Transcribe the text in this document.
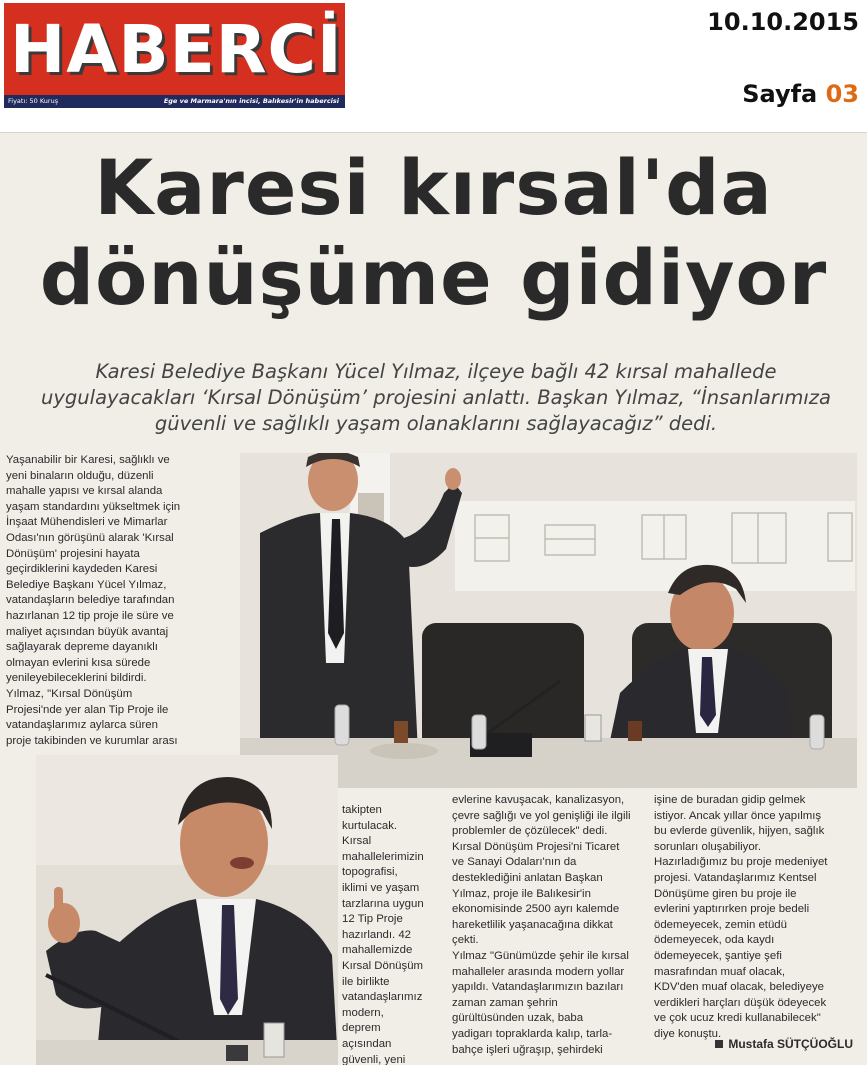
HABERCİ
Fiyatı: 50 Kuruş	Ege ve Marmara'nın incisi, Balıkesir'in habercisi
10.10.2015
Sayfa 03
Karesi kırsal'da
dönüşüme gidiyor
Karesi Belediye Başkanı Yücel Yılmaz, ilçeye bağlı 42 kırsal mahallede uygulayacakları ‘Kırsal Dönüşüm’ projesini anlattı. Başkan Yılmaz, “İnsanlarımıza güvenli ve sağlıklı yaşam olanaklarını sağlayacağız” dedi.
Yaşanabilir bir Karesi, sağlıklı ve
yeni binaların olduğu, düzenli
mahalle yapısı ve kırsal alanda
yaşam standardını yükseltmek için
İnşaat Mühendisleri ve Mimarlar
Odası'nın görüşünü alarak 'Kırsal
Dönüşüm' projesini hayata
geçirdiklerini kaydeden Karesi
Belediye Başkanı Yücel Yılmaz,
vatandaşların belediye tarafından
hazırlanan 12 tip proje ile süre ve
maliyet açısından büyük avantaj
sağlayarak depreme dayanıklı
olmayan evlerini kısa sürede
yenileyebileceklerini bildirdi.
Yılmaz, "Kırsal Dönüşüm
Projesi'nde yer alan Tip Proje ile
vatandaşlarımız aylarca süren
proje takibinden ve kurumlar arası
takipten
kurtulacak.
Kırsal
mahallelerimizin
topografisi,
iklimi ve yaşam
tarzlarına uygun
12 Tip Proje
hazırlandı. 42
mahallemizde
Kırsal Dönüşüm
ile birlikte
vatandaşlarımız
modern,
deprem
açısından
güvenli, yeni
evlerine kavuşacak, kanalizasyon,
çevre sağlığı ve yol genişliği ile ilgili
problemler de çözülecek" dedi.
Kırsal Dönüşüm Projesi'ni Ticaret
ve Sanayi Odaları'nın da
desteklediğini anlatan Başkan
Yılmaz, proje ile Balıkesir'in
ekonomisinde 2500 ayrı kalemde
hareketlilik yaşanacağına dikkat
çekti.
Yılmaz "Günümüzde şehir ile kırsal
mahalleler arasında modern yollar
yapıldı. Vatandaşlarımızın bazıları
zaman zaman şehrin
gürültüsünden uzak, baba
yadigarı topraklarda kalıp, tarla-
bahçe işleri uğraşıp, şehirdeki
işine de buradan gidip gelmek
istiyor. Ancak yıllar önce yapılmış
bu evlerde güvenlik, hijyen, sağlık
sorunları oluşabiliyor.
Hazırladığımız bu proje medeniyet
projesi. Vatandaşlarımız Kentsel
Dönüşüme giren bu proje ile
evlerini yaptırırken proje bedeli
ödemeyecek, zemin etüdü
ödemeyecek, oda kaydı
ödemeyecek, şantiye şefi
masrafından muaf olacak,
KDV'den muaf olacak, belediyeye
verdikleri harçları düşük ödeyecek
ve çok ucuz kredi kullanabilecek"
diye konuştu.
Mustafa SÜTÇÜOĞLU
